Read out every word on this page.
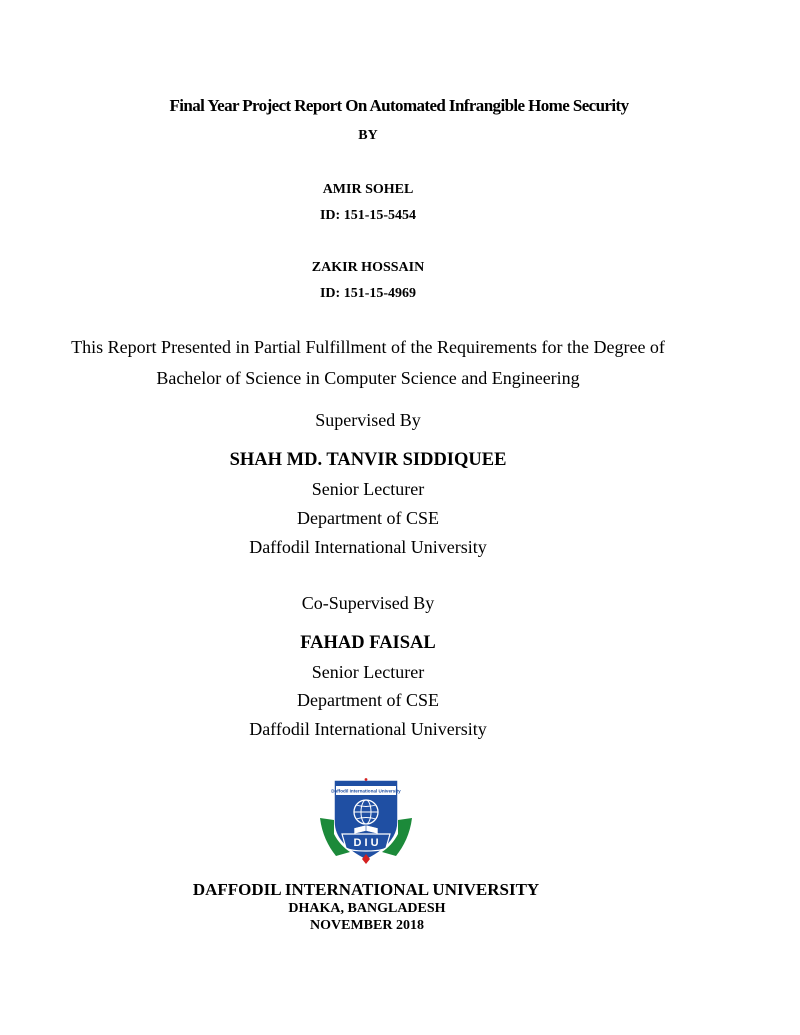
Final Year Project Report On Automated Infrangible Home Security
BY
AMIR SOHEL
ID: 151-15-5454
ZAKIR HOSSAIN
ID: 151-15-4969
This Report Presented in Partial Fulfillment of the Requirements for the Degree of
Bachelor of Science in Computer Science and Engineering
Supervised By
SHAH MD. TANVIR SIDDIQUEE
Senior Lecturer
Department of CSE
Daffodil International University
Co-Supervised By
FAHAD FAISAL
Senior Lecturer
Department of CSE
Daffodil International University
Daffodil International University
D I U
DAFFODIL INTERNATIONAL UNIVERSITY
DHAKA, BANGLADESH
NOVEMBER 2018
